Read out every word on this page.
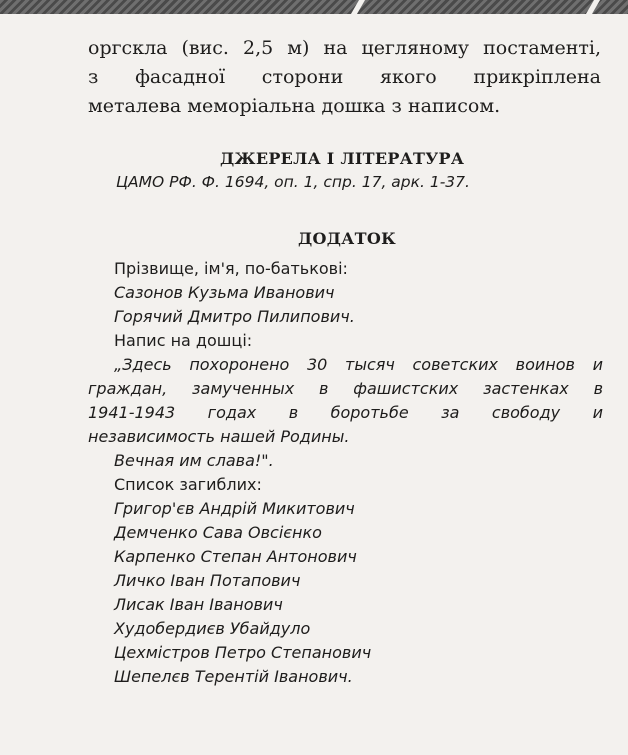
оргскла (вис. 2,5 м) на цегляному постаменті,
з фасадної сторони якого прикріплена
металева меморіальна дошка з написом.
ДЖЕРЕЛА І ЛІТЕРАТУРА
ЦАМО РФ. Ф. 1694, оп. 1, спр. 17, арк. 1-37.
ДОДАТОК
Прізвище, ім'я, по-батькові:
Сазонов Кузьма Иванович
Горячий Дмитро Пилипович.
Напис на дошці:
„Здесь похоронено 30 тысяч советских воинов и
граждан, замученных в фашистских застенках в
1941-1943 годах в боротьбе за свободу и
независимость нашей Родины.
Вечная им слава!".
Список загиблих:
Григор'єв Андрій Микитович
Демченко Сава Овсієнко
Карпенко Степан Антонович
Личко Іван Потапович
Лисак Іван Іванович
Худобердиєв Убайдуло
Цехмістров Петро Степанович
Шепелєв Терентій Іванович.
